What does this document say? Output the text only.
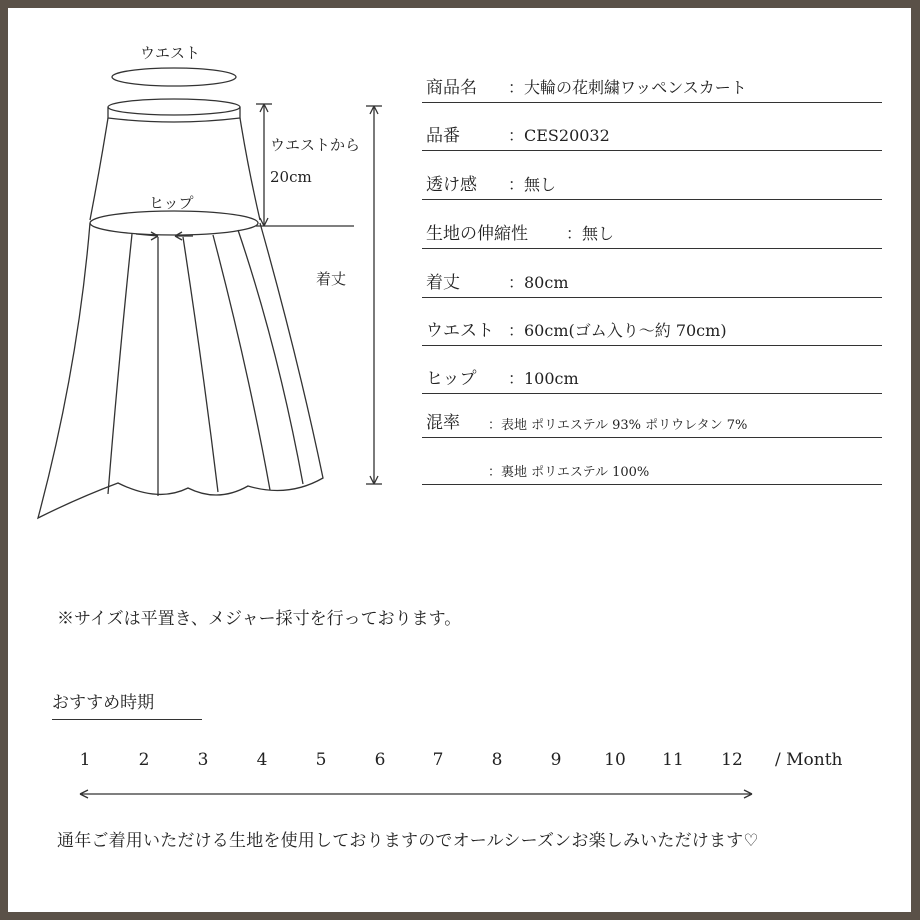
ウエスト
ウエストから
20cm
ヒップ
着丈
商品名 ：大輪の花刺繍ワッペンスカート
品番	：CES20032
透け感 ：無し
生地の伸縮性 ：無し
着丈	：80cm
ウエスト ：60cm(ゴム入り～約 70cm)
ヒップ ：100cm
混率 ：表地 ポリエステル 93% ポリウレタン 7%
：裏地 ポリエステル 100%
※サイズは平置き、メジャー採寸を行っております。
おすすめ時期
1	2	3	4	5	6	7	8	9	10	11	12	/ Month
通年ご着用いただける生地を使用しておりますのでオールシーズンお楽しみいただけます♡
